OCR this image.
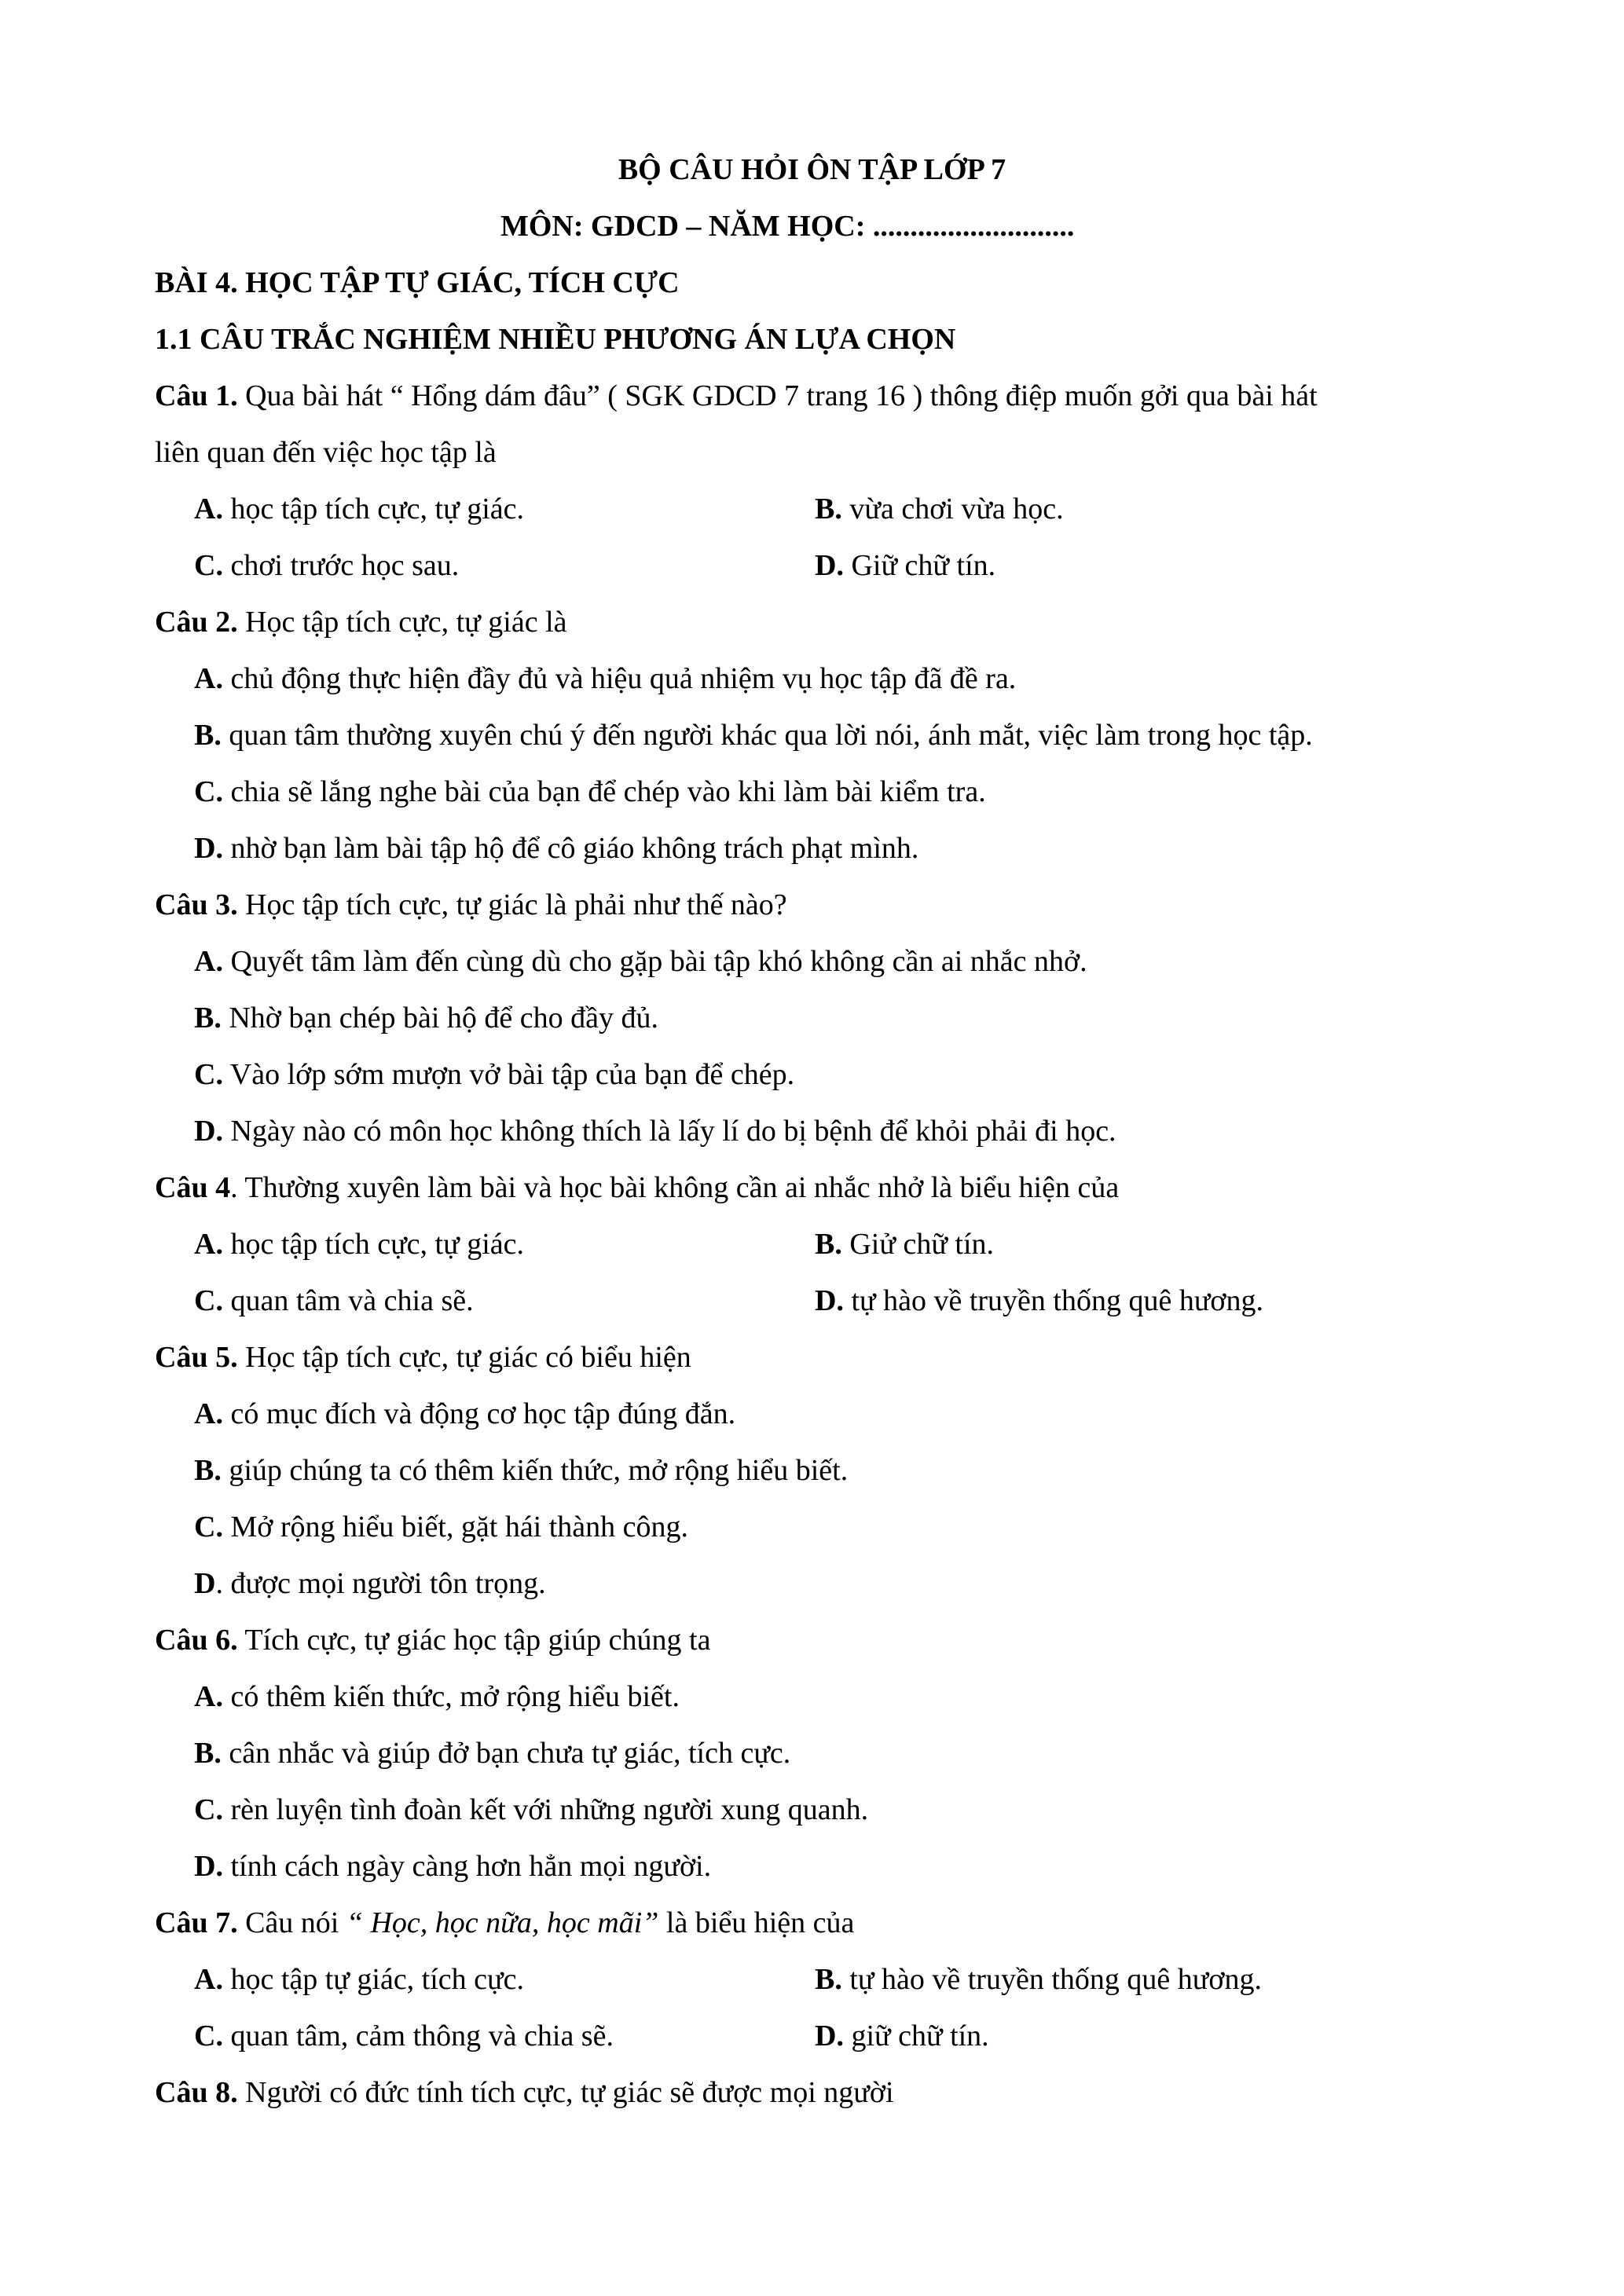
BỘ CÂU HỎI ÔN TẬP LỚP 7
MÔN: GDCD – NĂM HỌC: ...........................
BÀI 4. HỌC TẬP TỰ GIÁC, TÍCH CỰC
1.1 CÂU TRẮC NGHIỆM NHIỀU PHƯƠNG ÁN LỰA CHỌN
Câu 1. Qua bài hát “ Hổng dám đâu” ( SGK GDCD 7 trang 16 ) thông điệp muốn gởi qua bài hát
liên quan đến việc học tập là
A. học tập tích cực, tự giác.	B. vừa chơi vừa học.
C. chơi trước học sau.	D. Giữ chữ tín.
Câu 2. Học tập tích cực, tự giác là
A. chủ động thực hiện đầy đủ và hiệu quả nhiệm vụ học tập đã đề ra.
B. quan tâm thường xuyên chú ý đến người khác qua lời nói, ánh mắt, việc làm trong học tập.
C. chia sẽ lắng nghe bài của bạn để chép vào khi làm bài kiểm tra.
D. nhờ bạn làm bài tập hộ để cô giáo không trách phạt mình.
Câu 3. Học tập tích cực, tự giác là phải như thế nào?
A. Quyết tâm làm đến cùng dù cho gặp bài tập khó không cần ai nhắc nhở.
B. Nhờ bạn chép bài hộ để cho đầy đủ.
C. Vào lớp sớm mượn vở bài tập của bạn để chép.
D. Ngày nào có môn học không thích là lấy lí do bị bệnh để khỏi phải đi học.
Câu 4. Thường xuyên làm bài và học bài không cần ai nhắc nhở là biểu hiện của
A. học tập tích cực, tự giác.	B. Giử chữ tín.
C. quan tâm và chia sẽ.	D. tự hào về truyền thống quê hương.
Câu 5. Học tập tích cực, tự giác có biểu hiện
A. có mục đích và động cơ học tập đúng đắn.
B. giúp chúng ta có thêm kiến thức, mở rộng hiểu biết.
C. Mở rộng hiểu biết, gặt hái thành công.
D. được mọi người tôn trọng.
Câu 6. Tích cực, tự giác học tập giúp chúng ta
A. có thêm kiến thức, mở rộng hiểu biết.
B. cân nhắc và giúp đở bạn chưa tự giác, tích cực.
C. rèn luyện tình đoàn kết với những người xung quanh.
D. tính cách ngày càng hơn hẳn mọi người.
Câu 7. Câu nói “ Học, học nữa, học mãi” là biểu hiện của
A. học tập tự giác, tích cực.	B. tự hào về truyền thống quê hương.
C. quan tâm, cảm thông và chia sẽ.	D. giữ chữ tín.
Câu 8. Người có đức tính tích cực, tự giác sẽ được mọi người
